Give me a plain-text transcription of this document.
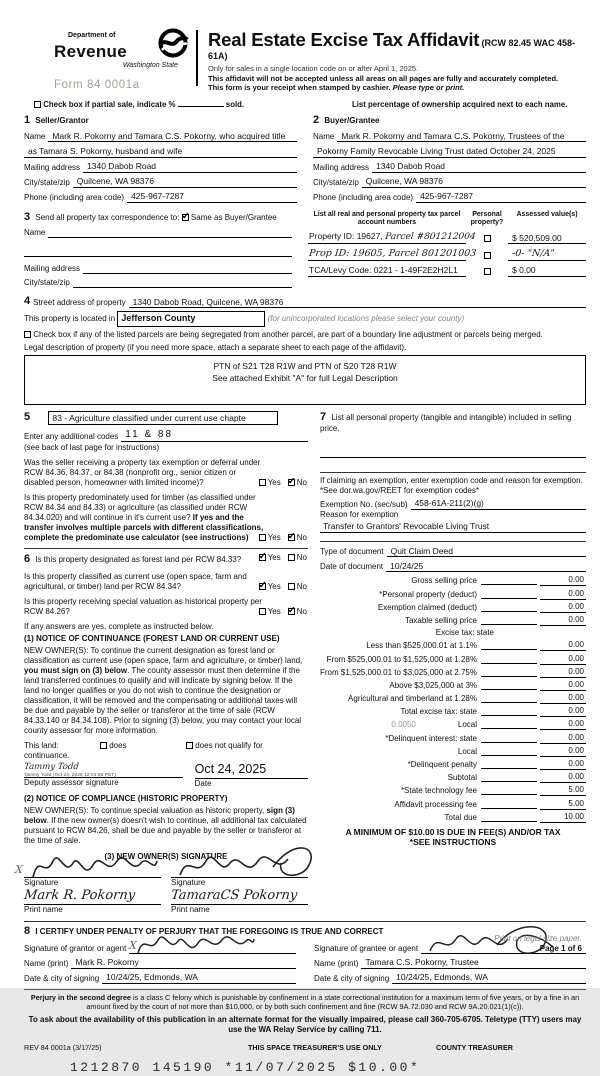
Department of
Revenue
Washington State
Form 84 0001a
Real Estate Excise Tax Affidavit (RCW 82.45 WAC 458-61A)
Only for sales in a single location code on or after April 1, 2025.
This affidavit will not be accepted unless all areas on all pages are fully and accurately completed.
This form is your receipt when stamped by cashier. Please type or print.
Check box if partial sale, indicate %	sold.	List percentage of ownership acquired next to each name.
1 Seller/Grantor
Name Mark R. Pokorny and Tamara C.S. Pokorny, who acquired title
as Tamara S. Pokorny, husband and wife
Mailing address 1340 Dabob Road
City/state/zip Quilcene, WA 98376
Phone (including area code) 425-967-7287
2 Buyer/Grantee
Name Mark R. Pokorny and Tamara C.S. Pokorny, Trustees of the
Pokorny Family Revocable Living Trust dated October 24, 2025
Mailing address 1340 Dabob Road
City/state/zip Quilcene, WA 98376
Phone (including area code) 425-967-7287
3 Send all property tax correspondence to: ✓ Same as Buyer/Grantee
Name
Mailing address
City/state/zip
List all real and personal property tax parcel account numbers
Personal property?
Assessed value(s)
Property ID: 19627, Parcel #801212004	$ 520,509.00
Prop ID: 19605, Parcel 801201003	-0- "N/A"
TCA/Levy Code: 0221 - 1-49F2E2H2L1	$ 0.00
4 Street address of property 1340 Dabob Road, Quilcene, WA 98376
This property is located in Jefferson County	(for unincorporated locations please select your county)
Check box if any of the listed parcels are being segregated from another parcel, are part of a boundary line adjustment or parcels being merged.
Legal description of property (if you need more space, attach a separate sheet to each page of the affidavit).
PTN of S21 T28 R1W and PTN of S20 T28 R1W
See attached Exhibit "A" for full Legal Description
5	83 - Agriculture classified under current use chapte
Enter any additional codes 11 & 88
(see back of last page for instructions)
Was the seller receiving a property tax exemption or deferral under RCW 84.36, 84.37, or 84.38 (nonprofit org., senior citizen or disabled person, homeowner with limited income)?	Yes ✓ No
Is this property predominately used for timber (as classified under RCW 84.34 and 84.33) or agriculture (as classified under RCW 84.34.020) and will continue in it's current use? If yes and the transfer involves multiple parcels with different classifications, complete the predominate use calculator (see instructions)	Yes ✓ No
6 Is this property designated as forest land per RCW 84.33? ✓	Yes No
Is this property classified as current use (open space, farm and agricultural, or timber) land per RCW 84.34? ✓	Yes No
Is this property receiving special valuation as historical property per RCW 84.26?	Yes ✓ No
If any answers are yes, complete as instructed below.
(1) NOTICE OF CONTINUANCE (FOREST LAND OR CURRENT USE)
NEW OWNER(S): To continue the current designation as forest land or classification as current use (open space, farm and agriculture, or timber) land, you must sign on (3) below. The county assessor must then determine if the land transferred continues to qualify and will indicate by signing below. If the land no longer qualifies or you do not wish to continue the designation or classification, it will be removed and the compensating or additional taxes will be due and payable by the seller or transferor at the time of sale (RCW 84.33.140 or 84.34.108). Prior to signing (3) below, you may contact your local county assessor for more information.
This land:	does	does not qualify for
continuance.
Tammy Todd
Tammy Todd (Oct 24, 2025 12:04:56 PDT)
Deputy assessor signature
Oct 24, 2025
Date
(2) NOTICE OF COMPLIANCE (HISTORIC PROPERTY)
NEW OWNER(S): To continue special valuation as historic property, sign (3) below. If the new owner(s) doesn't wish to continue, all additional tax calculated pursuant to RCW 84.26, shall be due and payable by the seller or transferor at the time of sale.
(3) NEW OWNER(S) SIGNATURE
X
Signature
Mark R. Pokorny
Print name
Signature
TamaraCS Pokorny
Print name
7 List all personal property (tangible and intangible) included in selling price.
If claiming an exemption, enter exemption code and reason for exemption. *See dor.wa.gov/REET for exemption codes*
Exemption No. (sec/sub) 458-61A-211(2)(g)
Reason for exemption
Transfer to Grantors' Revocable Living Trust
Type of document Quit Claim Deed
Date of document 10/24/25
Gross selling price	0.00
*Personal property (deduct)	0.00
Exemption claimed (deduct)	0.00
Taxable selling price	0.00
Excise tax: state
Less than $525,000.01 at 1.1%	0.00
From $525,000.01 to $1,525,000 at 1.28%	0.00
From $1,525,000.01 to $3,025,000 at 2.75%	0.00
Above $3,025,000 at 3%	0.00
Agricultural and timberland at 1.28%	0.00
Total excise tax: state	0.00
0.0050	Local	0.00
*Delinquent interest: state	0.00
Local	0.00
*Delinquent penalty	0.00
Subtotal	0.00
*State technology fee	5.00
Affidavit processing fee	5.00
Total due	10.00
A MINIMUM OF $10.00 IS DUE IN FEE(S) AND/OR TAX
*SEE INSTRUCTIONS
8 I CERTIFY UNDER PENALTY OF PERJURY THAT THE FOREGOING IS TRUE AND CORRECT
Signature of grantor or agent X
Name (print) Mark R. Pokorny
Date & city of signing 10/24/25, Edmonds, WA
Signature of grantee or agent
Name (print) Tamara C.S. Pokorny, Trustee
Date & city of signing 10/24/25, Edmonds, WA
Perjury in the second degree is a class C felony which is punishable by confinement in a state correctional institution for a maximum term of five years, or by a fine in an amount fixed by the court of not more than $10,000, or by both such confinement and fine (RCW 9A.72.030 and RCW 9A.20.021(1)(c)).
To ask about the availability of this publication in an alternate format for the visually impaired, please call 360-705-6705. Teletype (TTY) users may use the WA Relay Service by calling 711.
REV 84 0001a (3/17/25)	THIS SPACE TREASURER'S USE ONLY	COUNTY TREASURER
1212870 145190 *11/07/2025 $10.00*
Print on legal size paper.
Page 1 of 6
